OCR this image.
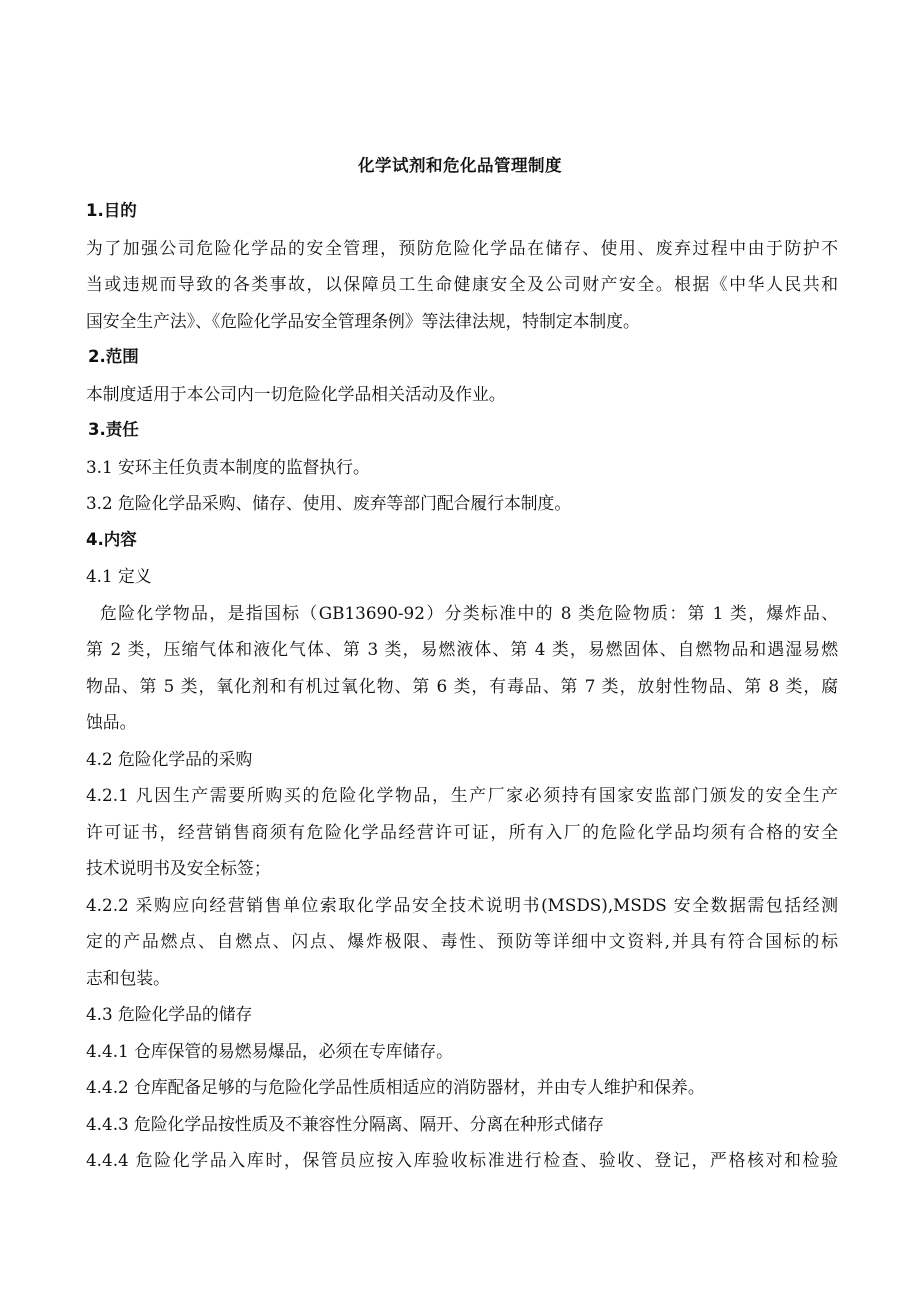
化学试剂和危化品管理制度
1.目的
为了加强公司危险化学品的安全管理，预防危险化学品在储存、使用、废弃过程中由于防护不
当或违规而导致的各类事故，以保障员工生命健康安全及公司财产安全。根据《中华人民共和
国安全生产法》、《危险化学品安全管理条例》等法律法规，特制定本制度。
2.范围
本制度适用于本公司内一切危险化学品相关活动及作业。
3.责任
3.1 安环主任负责本制度的监督执行。
3.2 危险化学品采购、储存、使用、废弃等部门配合履行本制度。
4.内容
4.1 定义
危险化学物品，是指国标（GB13690-92）分类标准中的 8 类危险物质：第 1 类，爆炸品、
第 2 类，压缩气体和液化气体、第 3 类，易燃液体、第 4 类，易燃固体、自燃物品和遇湿易燃
物品、第 5 类，氧化剂和有机过氧化物、第 6 类，有毒品、第 7 类，放射性物品、第 8 类，腐
蚀品。
4.2 危险化学品的采购
4.2.1 凡因生产需要所购买的危险化学物品，生产厂家必须持有国家安监部门颁发的安全生产
许可证书，经营销售商须有危险化学品经营许可证，所有入厂的危险化学品均须有合格的安全
技术说明书及安全标签；
4.2.2 采购应向经营销售单位索取化学品安全技术说明书(MSDS),MSDS 安全数据需包括经测
定的产品燃点、自燃点、闪点、爆炸极限、毒性、预防等详细中文资料,并具有符合国标的标
志和包装。
4.3 危险化学品的储存
4.4.1 仓库保管的易燃易爆品，必须在专库储存。
4.4.2 仓库配备足够的与危险化学品性质相适应的消防器材，并由专人维护和保养。
4.4.3 危险化学品按性质及不兼容性分隔离、隔开、分离在种形式储存
4.4.4 危险化学品入库时，保管员应按入库验收标准进行检查、验收、登记，严格核对和检验
